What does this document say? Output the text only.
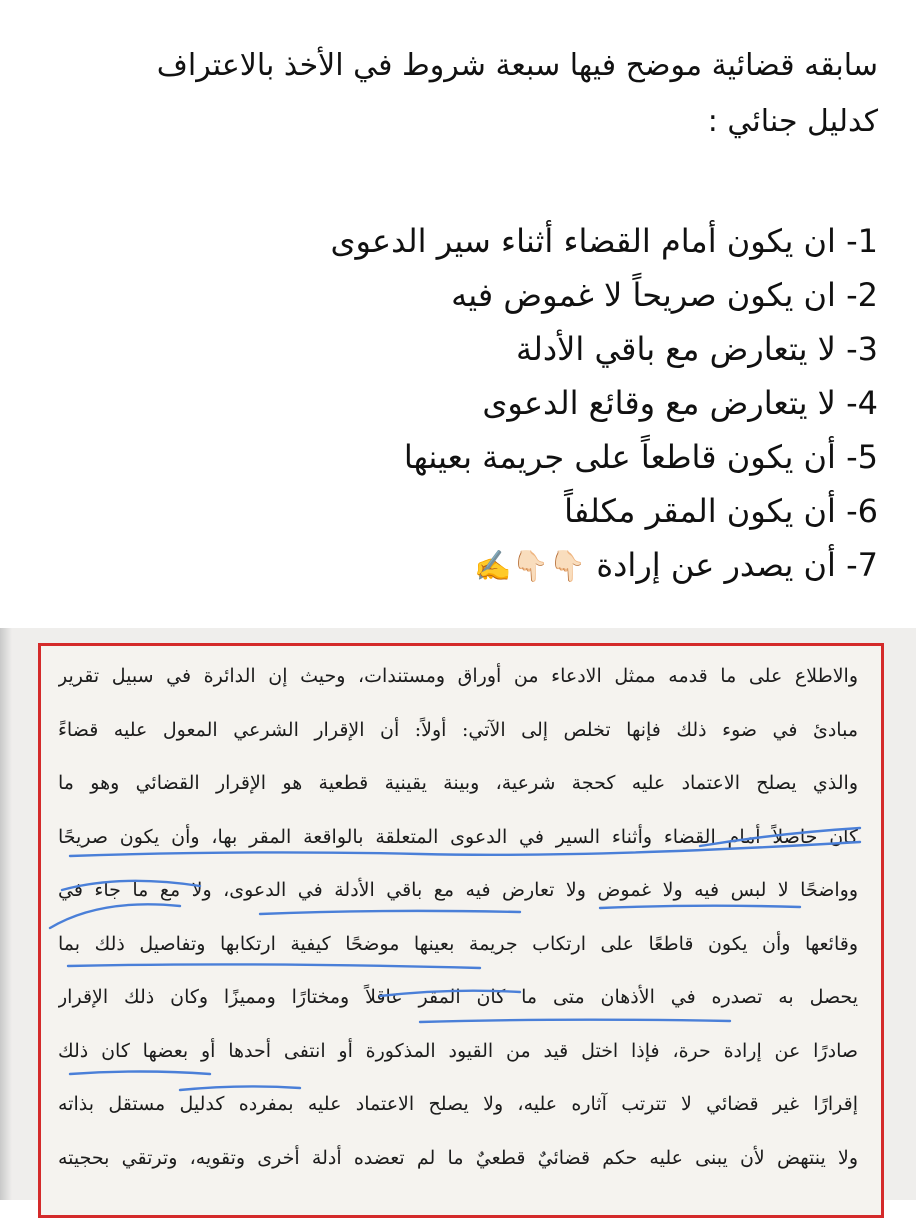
سابقه قضائية موضح فيها سبعة شروط في الأخذ بالاعتراف
كدليل جنائي :
1- ان يكون أمام القضاء أثناء سير الدعوى
2- ان يكون صريحاً لا غموض فيه
3- لا يتعارض مع باقي الأدلة
4- لا يتعارض مع وقائع الدعوى
5- أن يكون قاطعاً على جريمة بعينها
6- أن يكون المقر مكلفاً
7- أن يصدر عن إرادة 👇🏻👇🏻✍️
والاطلاع على ما قدمه ممثل الادعاء من أوراق ومستندات، وحيث إن الدائرة في سبيل تقرير
مبادئ في ضوء ذلك فإنها تخلص إلى الآتي: أولاً: أن الإقرار الشرعي المعول عليه قضاءً
والذي يصلح الاعتماد عليه كحجة شرعية، وبينة يقينية قطعية هو الإقرار القضائي وهو ما
كان حاصلاً أمام القضاء وأثناء السير في الدعوى المتعلقة بالواقعة المقر بها، وأن يكون صريحًا
وواضحًا لا لبس فيه ولا غموض ولا تعارض فيه مع باقي الأدلة في الدعوى، ولا مع ما جاء في
وقائعها وأن يكون قاطعًا على ارتكاب جريمة بعينها موضحًا كيفية ارتكابها وتفاصيل ذلك بما
يحصل به تصدره في الأذهان متى ما كان المقر عاقلاً ومختارًا ومميزًا وكان ذلك الإقرار
صادرًا عن إرادة حرة، فإذا اختل قيد من القيود المذكورة أو انتفى أحدها أو بعضها كان ذلك
إقرارًا غير قضائي لا تترتب آثاره عليه، ولا يصلح الاعتماد عليه بمفرده كدليل مستقل بذاته
ولا ينتهض لأن يبنى عليه حكم قضائيٌ قطعيٌ ما لم تعضده أدلة أخرى وتقويه، وترتقي بحجيته
